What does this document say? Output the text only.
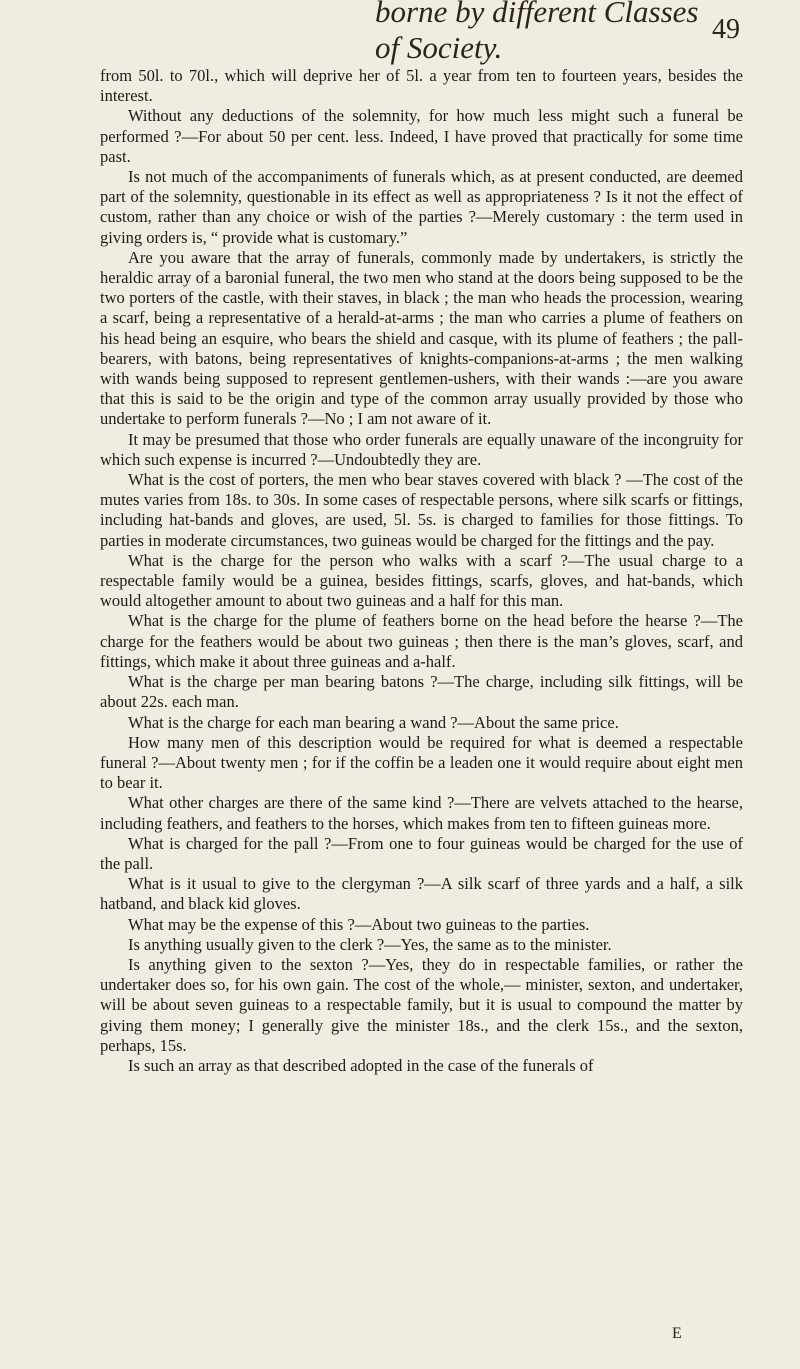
borne by different Classes of Society.
49

from 50l. to 70l., which will deprive her of 5l. a year from ten to fourteen years, besides the interest.

Without any deductions of the solemnity, for how much less might such a funeral be performed ?—For about 50 per cent. less. Indeed, I have proved that practically for some time past.

Is not much of the accompaniments of funerals which, as at present conducted, are deemed part of the solemnity, questionable in its effect as well as appropriateness ? Is it not the effect of custom, rather than any choice or wish of the parties ?—Merely customary : the term used in giving orders is, “ provide what is customary.”

Are you aware that the array of funerals, commonly made by undertakers, is strictly the heraldic array of a baronial funeral, the two men who stand at the doors being supposed to be the two porters of the castle, with their staves, in black ; the man who heads the procession, wearing a scarf, being a representative of a herald-at-arms ; the man who carries a plume of feathers on his head being an esquire, who bears the shield and casque, with its plume of feathers ; the pall-bearers, with batons, being representatives of knights-companions-at-arms ; the men walking with wands being supposed to represent gentlemen-ushers, with their wands :—are you aware that this is said to be the origin and type of the common array usually provided by those who undertake to perform funerals ?—No ; I am not aware of it.

It may be presumed that those who order funerals are equally unaware of the incongruity for which such expense is incurred ?—Undoubtedly they are.

What is the cost of porters, the men who bear staves covered with black ? —The cost of the mutes varies from 18s. to 30s. In some cases of respectable persons, where silk scarfs or fittings, including hat-bands and gloves, are used, 5l. 5s. is charged to families for those fittings. To parties in moderate circumstances, two guineas would be charged for the fittings and the pay.

What is the charge for the person who walks with a scarf ?—The usual charge to a respectable family would be a guinea, besides fittings, scarfs, gloves, and hat-bands, which would altogether amount to about two guineas and a half for this man.

What is the charge for the plume of feathers borne on the head before the hearse ?—The charge for the feathers would be about two guineas ; then there is the man’s gloves, scarf, and fittings, which make it about three guineas and a-half.

What is the charge per man bearing batons ?—The charge, including silk fittings, will be about 22s. each man.

What is the charge for each man bearing a wand ?—About the same price.

How many men of this description would be required for what is deemed a respectable funeral ?—About twenty men ; for if the coffin be a leaden one it would require about eight men to bear it.

What other charges are there of the same kind ?—There are velvets attached to the hearse, including feathers, and feathers to the horses, which makes from ten to fifteen guineas more.

What is charged for the pall ?—From one to four guineas would be charged for the use of the pall.

What is it usual to give to the clergyman ?—A silk scarf of three yards and a half, a silk hatband, and black kid gloves.

What may be the expense of this ?—About two guineas to the parties.

Is anything usually given to the clerk ?—Yes, the same as to the minister.

Is anything given to the sexton ?—Yes, they do in respectable families, or rather the undertaker does so, for his own gain. The cost of the whole,— minister, sexton, and undertaker, will be about seven guineas to a respectable family, but it is usual to compound the matter by giving them money; I generally give the minister 18s., and the clerk 15s., and the sexton, perhaps, 15s.

Is such an array as that described adopted in the case of the funerals of

E
